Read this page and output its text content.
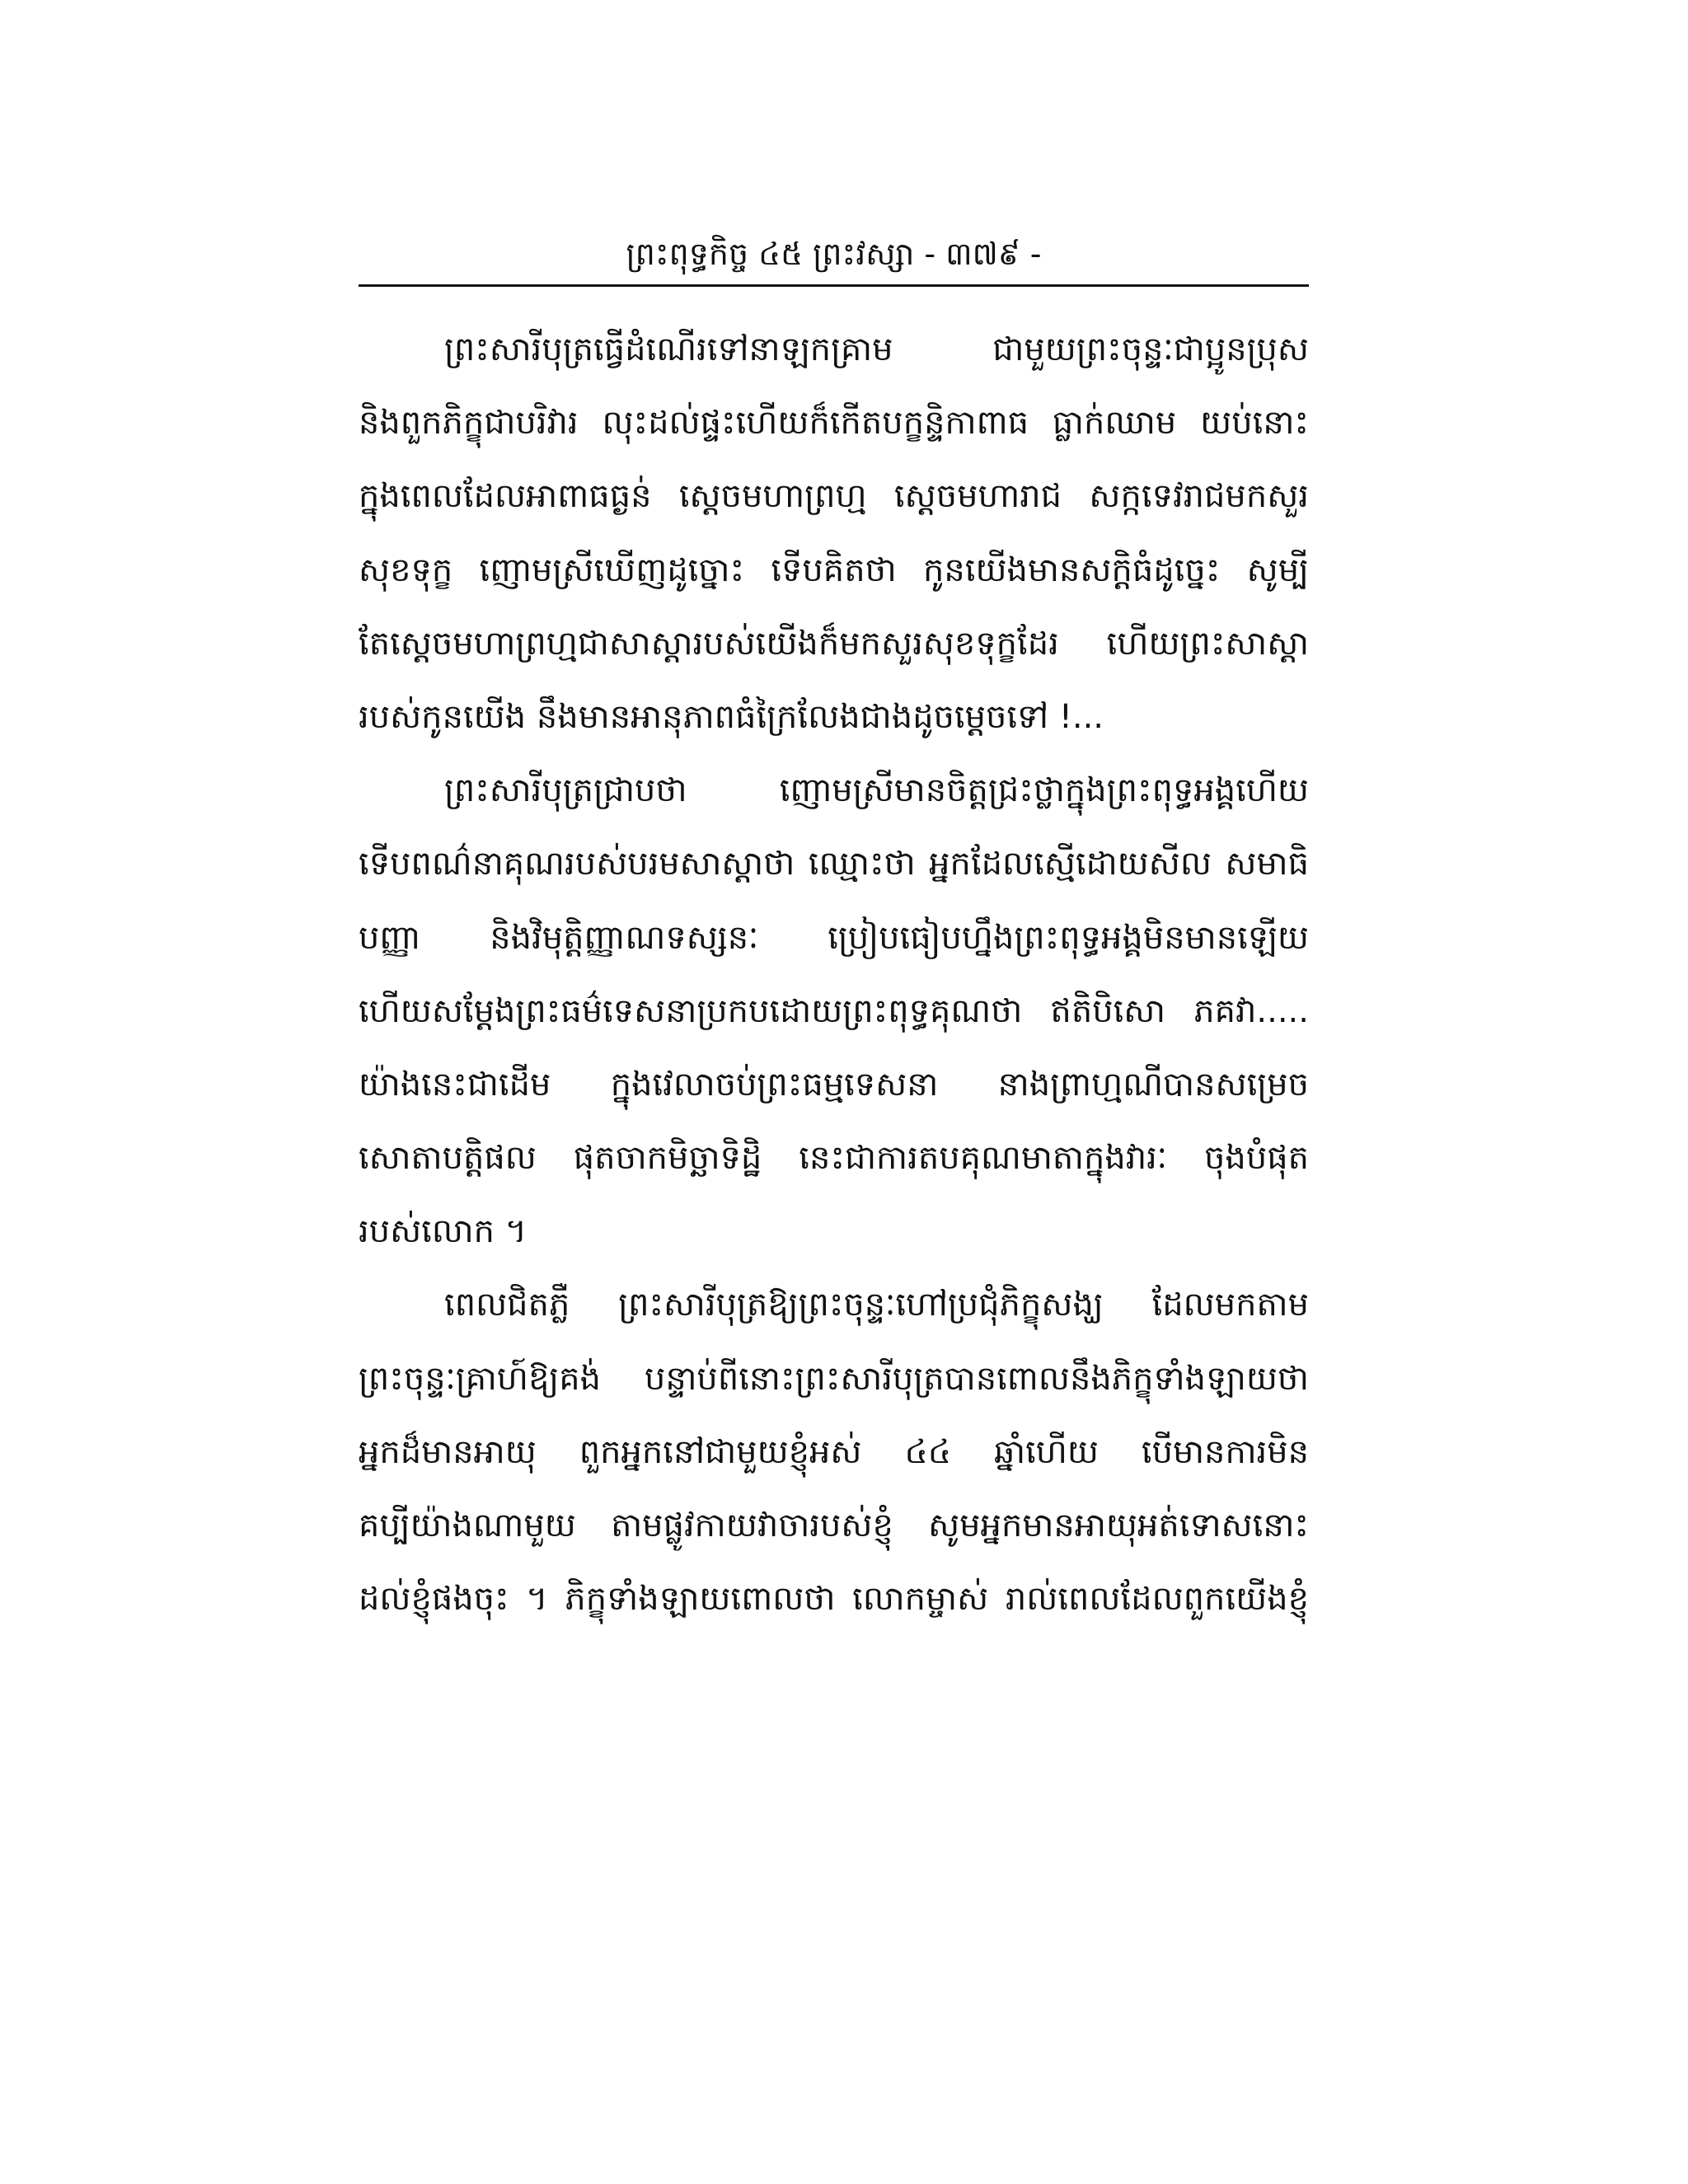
ព្រះពុទ្ធកិច្ច ៤៥ ព្រះវស្សា - ៣៧៩ -
ព្រះសារីបុត្រធ្វើដំណើរទៅនាឡកគ្រាម ជាមួយព្រះចុន្ទៈជាប្អូនប្រុស
និងពួកភិក្ខុជាបរិវារ លុះដល់ផ្ទះហើយក៏កើតបក្ខន្ទិកាពាធ ធ្លាក់ឈាម យប់នោះ
ក្នុងពេលដែលអាពាធធ្ងន់ ស្ដេចមហាព្រហ្ម ស្ដេចមហារាជ សក្កទេវរាជមកសួរ
សុខទុក្ខ ញោមស្រីឃើញដូច្នោះ ទើបគិតថា កូនយើងមានសក្តិធំដូច្នេះ សូម្បី
តែស្ដេចមហាព្រហ្មជាសាស្ដារបស់យើងក៏មកសួរសុខទុក្ខដែរ ហើយព្រះសាស្ដា
របស់កូនយើង នឹងមានអានុភាពធំក្រៃលែងជាងដូចម្ដេចទៅ !...
ព្រះសារីបុត្រជ្រាបថា ញោមស្រីមានចិត្តជ្រះថ្លាក្នុងព្រះពុទ្ធអង្គហើយ
ទើបពណ៌នាគុណរបស់បរមសាស្ដាថា ឈ្មោះថា អ្នកដែលស្មើដោយសីល សមាធិ
បញ្ញា និងវិមុត្តិញ្ញាណទស្សនៈ ប្រៀបធៀបហ្នឹងព្រះពុទ្ធអង្គមិនមានឡើយ
ហើយសម្ដែងព្រះធម៌ទេសនាប្រកបដោយព្រះពុទ្ធគុណថា ឥតិបិសោ ភគវា.....
យ៉ាងនេះជាដើម ក្នុងវេលាចប់ព្រះធម្មទេសនា នាងព្រាហ្មណីបានសម្រេច
សោតាបត្តិផល ផុតចាកមិច្ឆាទិដ្ឋិ នេះជាការតបគុណមាតាក្នុងវារៈ ចុងបំផុត
របស់លោក ។
ពេលជិតភ្លឺ ព្រះសារីបុត្រឱ្យព្រះចុន្ទៈហៅប្រជុំភិក្ខុសង្ឃ ដែលមកតាម
ព្រះចុន្ទៈគ្រាហ៍ឱ្យគង់ បន្ទាប់ពីនោះព្រះសារីបុត្របានពោលនឹងភិក្ខុទាំងឡាយថា
អ្នកដ៏មានអាយុ ពួកអ្នកនៅជាមួយខ្ញុំអស់ ៤៤ ឆ្នាំហើយ បើមានការមិន
គប្បីយ៉ាងណាមួយ តាមផ្លូវកាយវាចារបស់ខ្ញុំ សូមអ្នកមានអាយុអត់ទោសនោះ
ដល់ខ្ញុំផងចុះ ។ ភិក្ខុទាំងឡាយពោលថា លោកម្ចាស់ រាល់ពេលដែលពួកយើងខ្ញុំ
